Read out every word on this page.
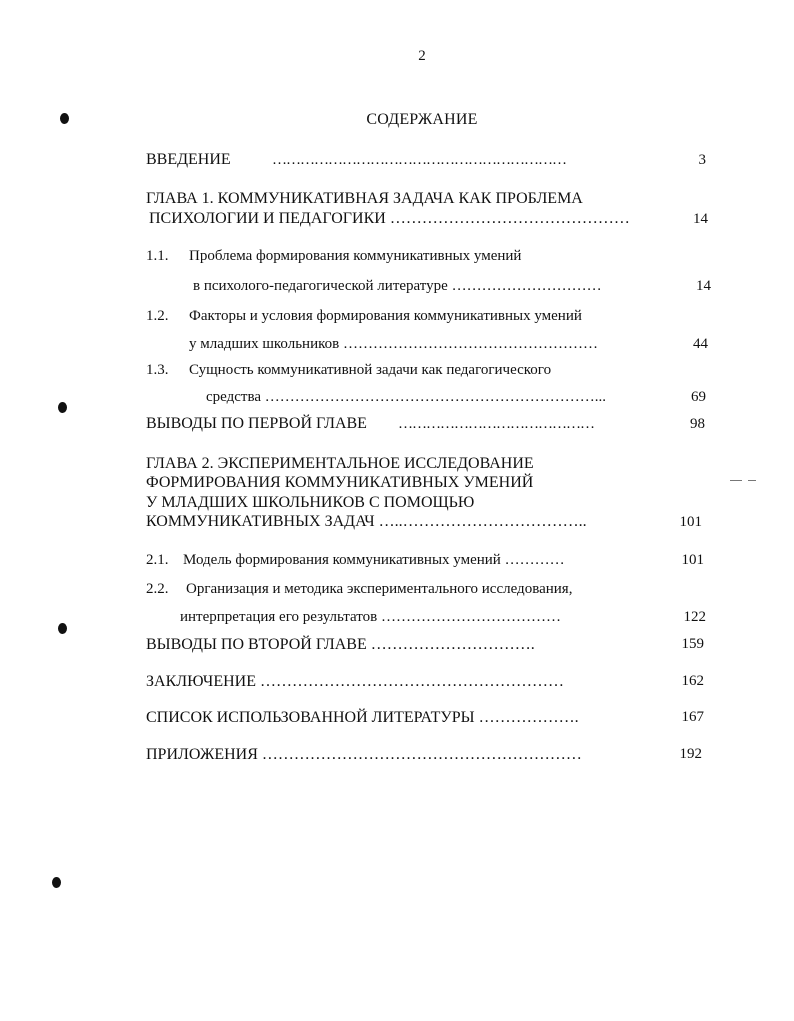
2
СОДЕРЖАНИЕ
ВВЕДЕНИЕ	………………………………………………………	3
ГЛАВА 1. КОММУНИКАТИВНАЯ ЗАДАЧА КАК ПРОБЛЕМА
ПСИХОЛОГИИ И ПЕДАГОГИКИ ………………………………………	14
1.1. Проблема формирования коммуникативных умений
в психолого-педагогической литературе …………………………	14
1.2. Факторы и условия формирования коммуникативных умений
у младших школьников ……………………………………………	44
1.3. Сущность коммуникативной задачи как педагогического
средства …………………………………………………………...	69
ВЫВОДЫ ПО ПЕРВОЙ ГЛАВЕ ……………………………………	98
ГЛАВА 2. ЭКСПЕРИМЕНТАЛЬНОЕ ИССЛЕДОВАНИЕ
ФОРМИРОВАНИЯ КОММУНИКАТИВНЫХ УМЕНИЙ
У МЛАДШИХ ШКОЛЬНИКОВ С ПОМОЩЬЮ
КОММУНИКАТИВНЫХ ЗАДАЧ …..……………………………..	101
2.1. Модель формирования коммуникативных умений …………	101
2.2. Организация и методика экспериментального исследования,
интерпретация его результатов ………………………………	122
ВЫВОДЫ ПО ВТОРОЙ ГЛАВЕ ………………………….	159
ЗАКЛЮЧЕНИЕ …………………………………………………	162
СПИСОК ИСПОЛЬЗОВАННОЙ ЛИТЕРАТУРЫ ……………….	167
ПРИЛОЖЕНИЯ ……………………………………………………	192
